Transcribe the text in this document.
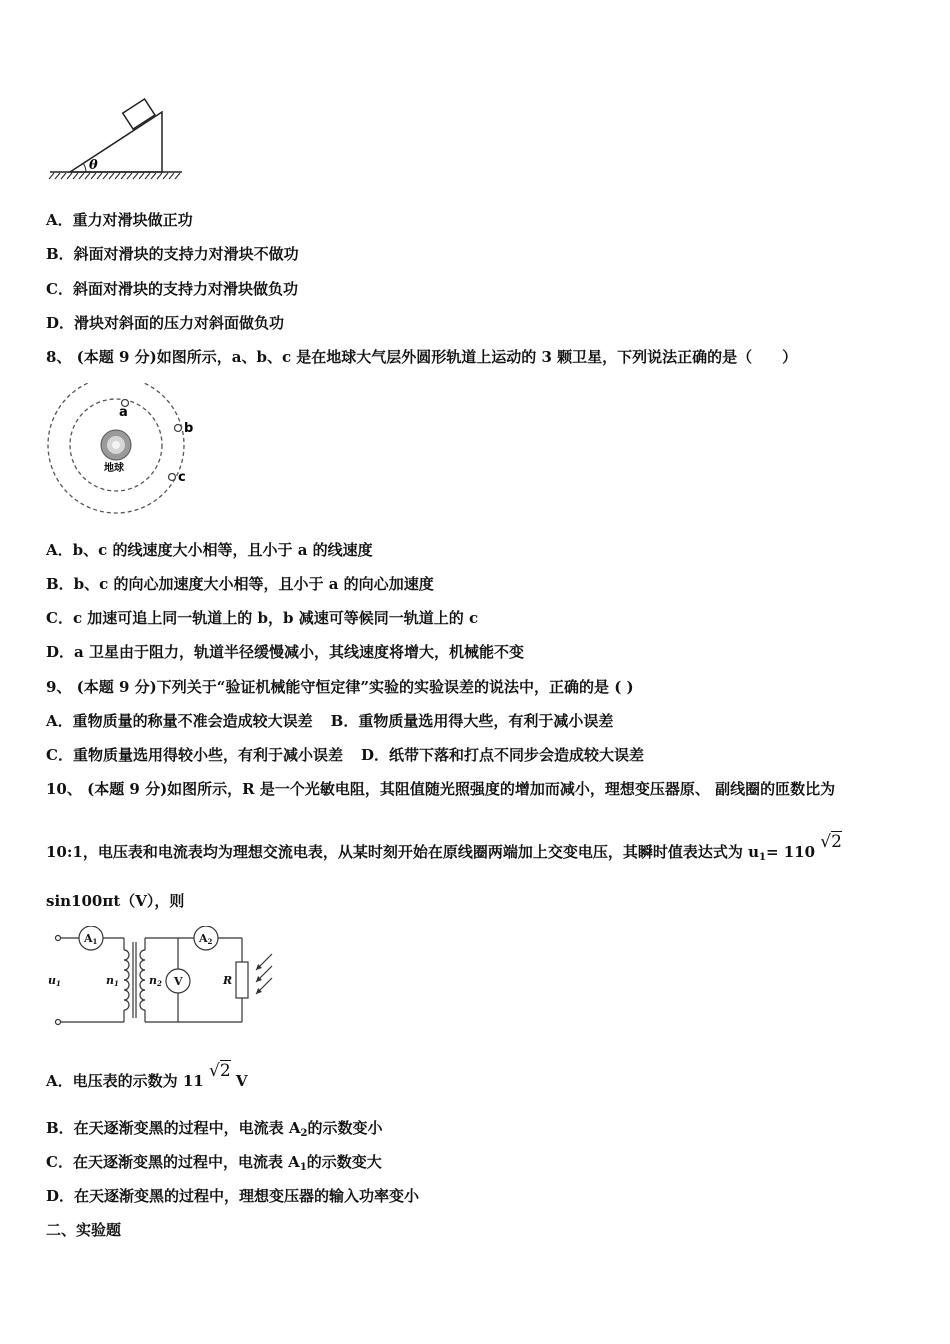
θ
A．重力对滑块做正功
B．斜面对滑块的支持力对滑块不做功
C．斜面对滑块的支持力对滑块做负功
D．滑块对斜面的压力对斜面做负功
8、 (本题 9 分)如图所示，a、b、c 是在地球大气层外圆形轨道上运动的 3 颗卫星，下列说法正确的是（　　）
地球
a
b
c
A．b、c 的线速度大小相等，且小于 a 的线速度
B．b、c 的向心加速度大小相等，且小于 a 的向心加速度
C．c 加速可追上同一轨道上的 b，b 减速可等候同一轨道上的 c
D．a 卫星由于阻力，轨道半径缓慢减小，其线速度将增大，机械能不变
9、 (本题 9 分)下列关于“验证机械能守恒定律”实验的实验误差的说法中，正确的是 ( )
A．重物质量的称量不准会造成较大误差 B．重物质量选用得大些，有利于减小误差
C．重物质量选用得较小些，有利于减小误差 D．纸带下落和打点不同步会造成较大误差
10、 (本题 9 分)如图所示，R 是一个光敏电阻，其阻值随光照强度的增加而减小，理想变压器原、 副线圈的匝数比为
10:1，电压表和电流表均为理想交流电表，从某时刻开始在原线圈两端加上交变电压，其瞬时值表达式为 $u_1= 110$ √2
sin100πt（V），则
A1	A2
V
u1	n1	n2	R
A．电压表的示数为 11 √2 V
B．在天逐渐变黑的过程中，电流表 $A_2$的示数变小
C．在天逐渐变黑的过程中，电流表 $A_1$的示数变大
D．在天逐渐变黑的过程中，理想变压器的输入功率变小
二、实验题
